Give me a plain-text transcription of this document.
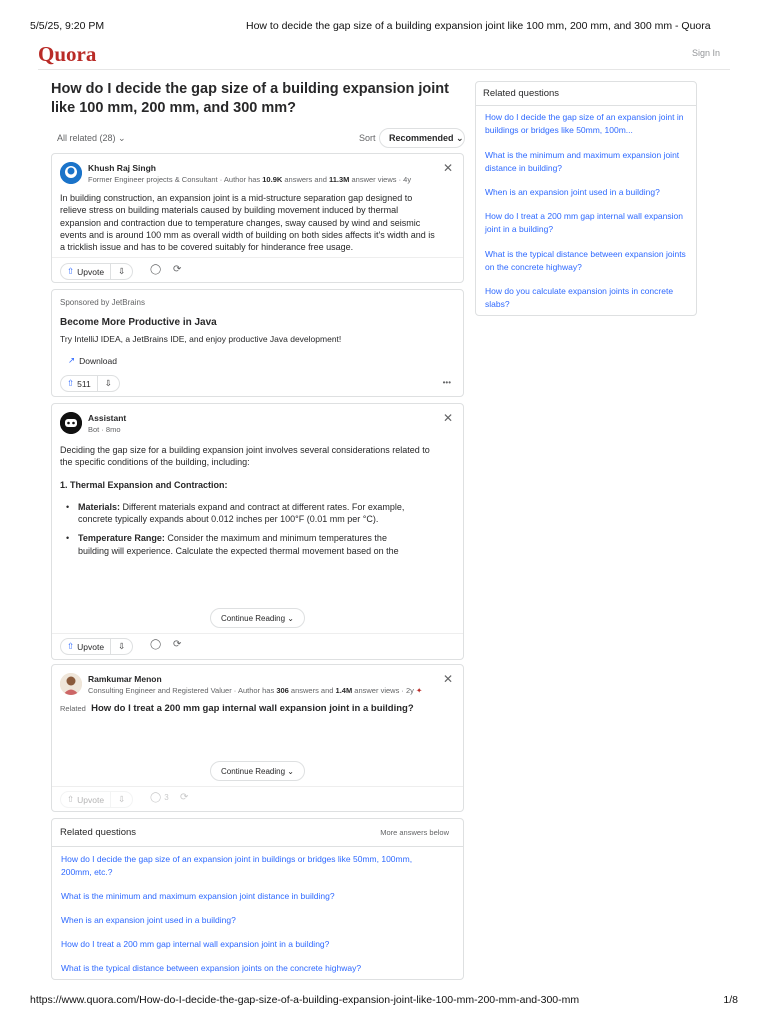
5/5/25, 9:20 PM	How to decide the gap size of a building expansion joint like 100 mm, 200 mm, and 300 mm - Quora
Quora	Sign In
How do I decide the gap size of a building expansion joint like 100 mm, 200 mm, and 300 mm?
All related (28) ⌄	Sort	Recommended ⌄
Khush Raj Singh
Former Engineer projects & Consultant · Author has 10.9K answers and 11.3M answer views · 4y
✕
In building construction, an expansion joint is a mid-structure separation gap designed to
relieve stress on building materials caused by building movement induced by thermal
expansion and contraction due to temperature changes, sway caused by wind and seismic
events and is around 100 mm as overall width of building on both sides affects it's width and is
a tricklish issue and has to be covered suitably for hinderance free usage.
⇧ Upvote ⇩ ◯ ⟳
Sponsored by JetBrains
Become More Productive in Java
Try IntelliJ IDEA, a JetBrains IDE, and enjoy productive Java development!
↗ Download
⇧ 511 ⇩	•••
Assistant
Bot · 8mo
✕
Deciding the gap size for a building expansion joint involves several considerations related to
the specific conditions of the building, including:
1. Thermal Expansion and Contraction:
• Materials: Different materials expand and contract at different rates. For example,
concrete typically expands about 0.012 inches per 100°F (0.01 mm per °C).
• Temperature Range: Consider the maximum and minimum temperatures the
building will experience. Calculate the expected thermal movement based on the
Continue Reading ⌄
⇧ Upvote ⇩ ◯ ⟳
Ramkumar Menon
Consulting Engineer and Registered Valuer · Author has 306 answers and 1.4M answer views · 2y ✦
✕
Related How do I treat a 200 mm gap internal wall expansion joint in a building?
Continue Reading ⌄
⇧ Upvote ⇩ ◯ 3 ⟳
Related questions	More answers below
How do I decide the gap size of an expansion joint in buildings or bridges like 50mm, 100mm,
200mm, etc.?
What is the minimum and maximum expansion joint distance in building?
When is an expansion joint used in a building?
How do I treat a 200 mm gap internal wall expansion joint in a building?
What is the typical distance between expansion joints on the concrete highway?
Related questions
How do I decide the gap size of an expansion joint in buildings or bridges like 50mm, 100m...
What is the minimum and maximum expansion joint distance in building?
When is an expansion joint used in a building?
How do I treat a 200 mm gap internal wall expansion joint in a building?
What is the typical distance between expansion joints on the concrete highway?
How do you calculate expansion joints in concrete slabs?
https://www.quora.com/How-do-I-decide-the-gap-size-of-a-building-expansion-joint-like-100-mm-200-mm-and-300-mm	1/8
